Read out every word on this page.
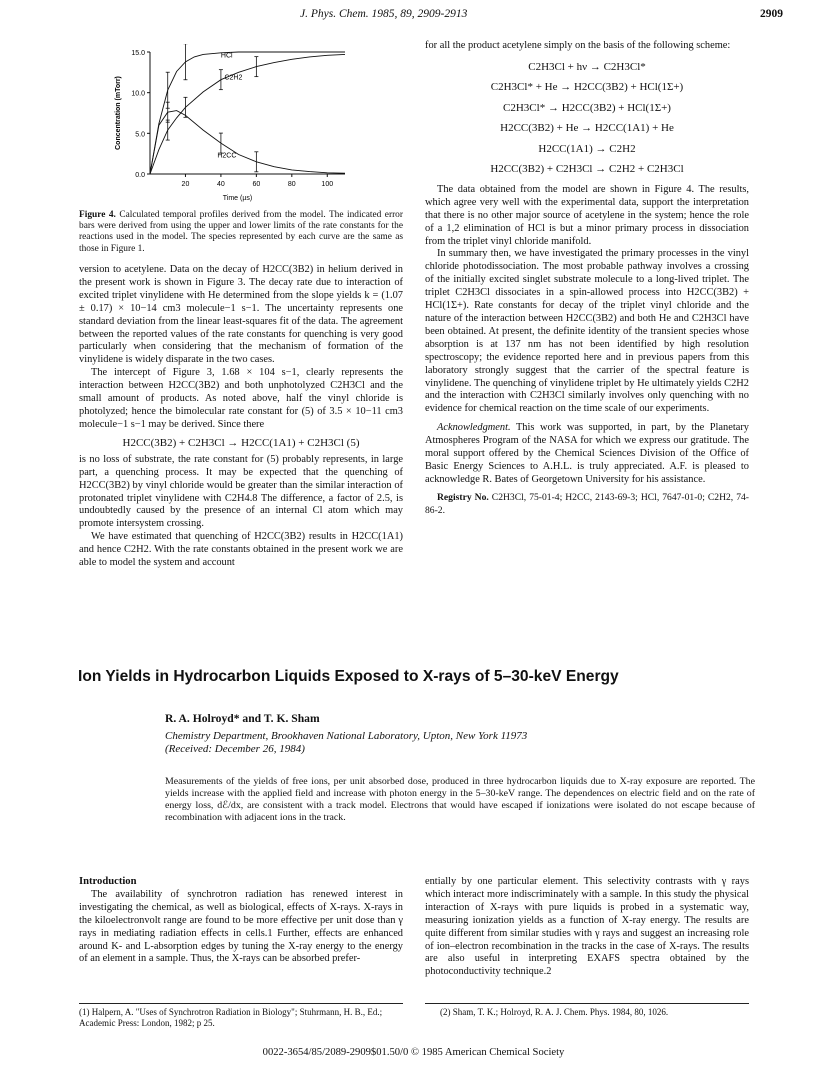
J. Phys. Chem. 1985, 89, 2909-2913	2909
0.0
5.0
10.0
15.0
20	40	60	80	100
Time (µs)
Concentration (mTorr)
HCl
C2H2
H2CC
Figure 4. Calculated temporal profiles derived from the model. The indicated error bars were derived from using the upper and lower limits of the rate constants for the reactions used in the model. The species represented by each curve are the same as those in Figure 1.

version to acetylene. Data on the decay of H2CC(3B2) in helium derived in the present work is shown in Figure 3. The decay rate due to interaction of excited triplet vinylidene with He determined from the slope yields k = (1.07 ± 0.17) × 10−14 cm3 molecule−1 s−1. The uncertainty represents one standard deviation from the linear least-squares fit of the data. The agreement between the reported values of the rate constants for quenching is very good particularly when considering that the mechanism of formation of the vinylidene is widely disparate in the two cases.

The intercept of Figure 3, 1.68 × 104 s−1, clearly represents the interaction between H2CC(3B2) and both unphotolyzed C2H3Cl and the small amount of products. As noted above, half the vinyl chloride is photolyzed; hence the bimolecular rate constant for (5) of 3.5 × 10−11 cm3 molecule−1 s−1 may be derived. Since there

H2CC(3B2) + C2H3Cl → H2CC(1A1) + C2H3Cl (5)

is no loss of substrate, the rate constant for (5) probably represents, in large part, a quenching process. It may be expected that the quenching of H2CC(3B2) by vinyl chloride would be greater than the similar interaction of protonated triplet vinylidene with C2H4.8 The difference, a factor of 2.5, is undoubtedly caused by the presence of an internal Cl atom which may promote intersystem crossing.

We have estimated that quenching of H2CC(3B2) results in H2CC(1A1) and hence C2H2. With the rate constants obtained in the present work we are able to model the system and account

for all the product acetylene simply on the basis of the following scheme:

C2H3Cl + hν → C2H3Cl*
C2H3Cl* + He → H2CC(3B2) + HCl(1Σ+)
C2H3Cl* → H2CC(3B2) + HCl(1Σ+)
H2CC(3B2) + He → H2CC(1A1) + He
H2CC(1A1) → C2H2
H2CC(3B2) + C2H3Cl → C2H2 + C2H3Cl

The data obtained from the model are shown in Figure 4. The results, which agree very well with the experimental data, support the interpretation that there is no other major source of acetylene in the system; hence the role of a 1,2 elimination of HCl is but a minor primary process in dissociation from the triplet vinyl chloride manifold.

In summary then, we have investigated the primary processes in the vinyl chloride photodissociation. The most probable pathway involves a crossing of the initially excited singlet substrate molecule to a long-lived triplet. The triplet C2H3Cl dissociates in a spin-allowed process into H2CC(3B2) + HCl(1Σ+). Rate constants for decay of the triplet vinyl chloride and the nature of the interaction between H2CC(3B2) and both He and C2H3Cl have been obtained. At present, the definite identity of the transient species whose absorption is at 137 nm has not been identified by high resolution spectroscopy; the evidence reported here and in previous papers from this laboratory strongly suggest that the carrier of the spectral feature is vinylidene. The quenching of vinylidene triplet by He ultimately yields C2H2 and the interaction with C2H3Cl similarly involves only quenching with no evidence for chemical reaction on the time scale of our experiments.

Acknowledgment. This work was supported, in part, by the Planetary Atmospheres Program of the NASA for which we express our gratitude. The moral support offered by the Chemical Sciences Division of the Office of Basic Energy Sciences to A.H.L. is truly appreciated. A.F. is pleased to acknowledge R. Bates of Georgetown University for his assistance.

Registry No. C2H3Cl, 75-01-4; H2CC, 2143-69-3; HCl, 7647-01-0; C2H2, 74-86-2.

Ion Yields in Hydrocarbon Liquids Exposed to X-rays of 5–30-keV Energy
R. A. Holroyd* and T. K. Sham
Chemistry Department, Brookhaven National Laboratory, Upton, New York 11973
(Received: December 26, 1984)
Measurements of the yields of free ions, per unit absorbed dose, produced in three hydrocarbon liquids due to X-ray exposure are reported. The yields increase with the applied field and increase with photon energy in the 5–30-keV range. The dependences on electric field and on the rate of energy loss, dℰ/dx, are consistent with a track model. Electrons that would have escaped if ionizations were isolated do not escape because of recombination with adjacent ions in the track.
Introduction

The availability of synchrotron radiation has renewed interest in investigating the chemical, as well as biological, effects of X-rays. X-rays in the kiloelectronvolt range are found to be more effective per unit dose than γ rays in mediating radiation effects in cells.1 Further, effects are enhanced around K- and L-absorption edges by tuning the X-ray energy to the energy of an element in a sample. Thus, the X-rays can be absorbed prefer-

entially by one particular element. This selectivity contrasts with γ rays which interact more indiscriminately with a sample. In this study the physical interaction of X-rays with pure liquids is probed in a systematic way, measuring ionization yields as a function of X-ray energy. The results are quite different from similar studies with γ rays and suggest an increasing role of ion–electron recombination in the tracks in the case of X-rays. The results are also useful in interpreting EXAFS spectra obtained by the photoconductivity technique.2

(1) Halpern, A. "Uses of Synchrotron Radiation in Biology"; Stuhrmann, H. B., Ed.; Academic Press: London, 1982; p 25.
(2) Sham, T. K.; Holroyd, R. A. J. Chem. Phys. 1984, 80, 1026.
0022-3654/85/2089-2909$01.50/0 © 1985 American Chemical Society
